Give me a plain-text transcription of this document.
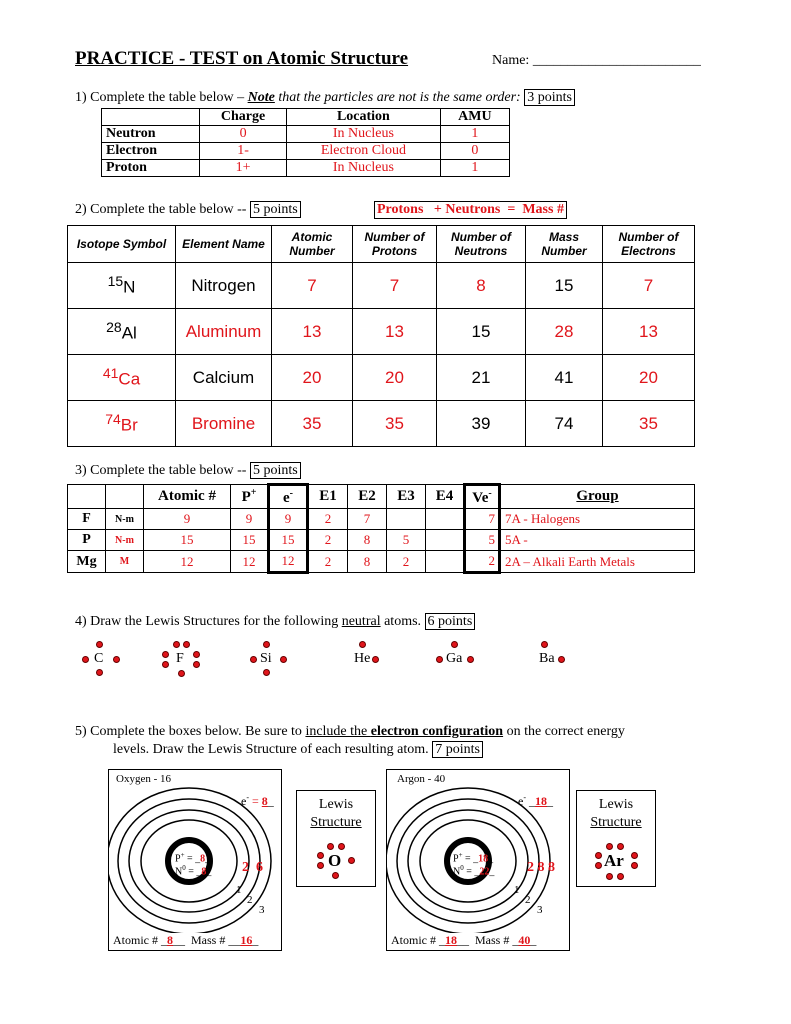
PRACTICE - TEST on Atomic Structure	Name: ________________________
1) Complete the table below – Note that the particles are not is the same order: 3 points
	Charge	Location	AMU
Neutron	0	In Nucleus	1
Electron	1-	Electron Cloud	0
Proton	1+	In Nucleus	1
2) Complete the table below -- 5 points	Protons   + Neutrons  =  Mass #
Isotope Symbol	Element Name	Atomic Number	Number of Protons	Number of Neutrons	Mass Number	Number of Electrons
$^{15}$N	Nitrogen	7	7	8	15	7
$^{28}$Al	Aluminum	13	13	15	28	13
$^{41}$Ca	Calcium	20	20	21	41	20
$^{74}$Br	Bromine	35	35	39	74	35
3) Complete the table below -- 5 points
		Atomic #	P+	e-	E1	E2	E3	E4	Ve-	Group
F	N-m	9	9	9	2	7			7	7A - Halogens
P	N-m	15	15	15	2	8	5		5	5A -
Mg	M	12	12	12	2	8	2		2	2A – Alkali Earth Metals
4) Draw the Lewis Structures for the following neutral atoms. 6 points
C	F	Si	He	Ga	Ba
5) Complete the boxes below. Be sure to include the electron configuration on the correct energy
levels. Draw the Lewis Structure of each resulting atom. 7 points
Oxygen - 16
e- = 8_
P+ = _8_
$N^0$ = _8_ 2  6
1
2
3
Atomic # _8__  Mass # __16_
Lewis
Structure
O
Argon - 40
e- _18_
P+ = _18_
$N^0$ = _22_ 2 8 8
1
2
3
Atomic # _18__  Mass # _40_
Lewis
Structure
Ar
